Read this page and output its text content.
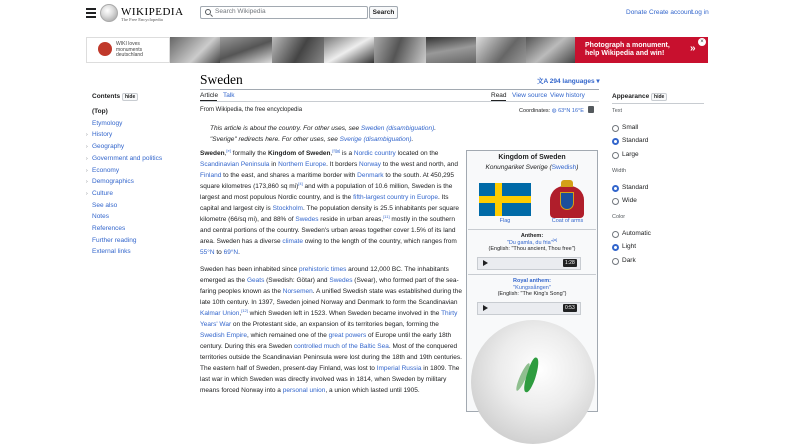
WIKIPEDIA
The Free Encyclopedia
Search Wikipedia	Search	Donate Create account
Log in
WIKI loves
monuments
deutschland
Photograph a monument, help Wikipedia and win!	»
×
Contents hide
(Top)
Etymology
› History
› Geography
› Government and politics
› Economy
› Demographics
› Culture
See also
Notes
References
Further reading
External links
Sweden	文A 294 languages ▾
Article Talk	Read View source View history
From Wikipedia, the free encyclopedia	Coordinates: ◍ 63°N 16°E
This article is about the country. For other uses, see Sweden (disambiguation).
"Sverige" redirects here. For other uses, see Sverige (disambiguation).
Sweden,[e] formally the Kingdom of Sweden,[f][g] is a Nordic country located on the Scandinavian Peninsula in Northern Europe. It borders Norway to the west and north, and Finland to the east, and shares a maritime border with Denmark to the south. At 450,295 square kilometres (173,860 sq mi)[4] and with a population of 10.6 million, Sweden is the largest and most populous Nordic country, and is the fifth-largest country in Europe. Its capital and largest city is Stockholm. The population density is 25.5 inhabitants per square kilometre (66/sq mi), and 88% of Swedes reside in urban areas,[11] mostly in the southern and central portions of the country. Sweden's urban areas together cover 1.5% of its land area. Sweden has a diverse climate owing to the length of the country, which ranges from 55°N to 69°N.
Sweden has been inhabited since prehistoric times around 12,000 BC. The inhabitants emerged as the Geats (Swedish: Götar) and Swedes (Svear), who formed part of the sea-faring peoples known as the Norsemen. A unified Swedish state was established during the late 10th century. In 1397, Sweden joined Norway and Denmark to form the Scandinavian Kalmar Union,[12] which Sweden left in 1523. When Sweden became involved in the Thirty Years' War on the Protestant side, an expansion of its territories began, forming the Swedish Empire, which remained one of the great powers of Europe until the early 18th century. During this era Sweden controlled much of the Baltic Sea. Most of the conquered territories outside the Scandinavian Peninsula were lost during the 18th and 19th centuries. The eastern half of Sweden, present-day Finland, was lost to Imperial Russia in 1809. The last war in which Sweden was directly involved was in 1814, when Sweden by military means forced Norway into a personal union, a union which lasted until 1905.
Kingdom of Sweden
Konungariket Sverige (Swedish)
Flag	Coat of arms
Anthem:
"Du gamla, du fria"[a]
(English: "Thou ancient, Thou free")
1:28
Royal anthem:
"Kungssången"
(English: "The King's Song")
0:53
Appearance hide
Text
Small
Standard
Large
Width
Standard
Wide
Color
Automatic
Light
Dark
